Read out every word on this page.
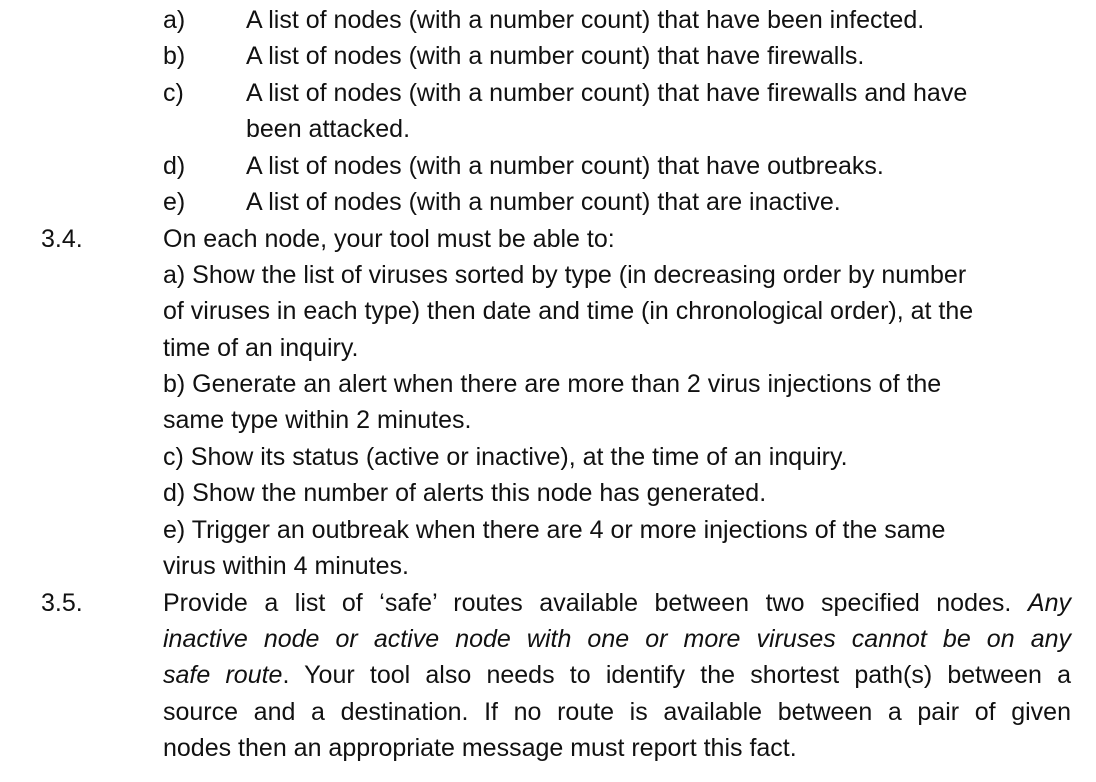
a) A list of nodes (with a number count) that have been infected.
b) A list of nodes (with a number count) that have firewalls.
c) A list of nodes (with a number count) that have firewalls and have
been attacked.
d) A list of nodes (with a number count) that have outbreaks.
e) A list of nodes (with a number count) that are inactive.
3.4.	On each node, your tool must be able to:
a) Show the list of viruses sorted by type (in decreasing order by number
of viruses in each type) then date and time (in chronological order), at the
time of an inquiry.
b) Generate an alert when there are more than 2 virus injections of the
same type within 2 minutes.
c) Show its status (active or inactive), at the time of an inquiry.
d) Show the number of alerts this node has generated.
e) Trigger an outbreak when there are 4 or more injections of the same
virus within 4 minutes.
3.5.	Provide a list of ‘safe’ routes available between two specified nodes. Any
inactive node or active node with one or more viruses cannot be on any
safe route. Your tool also needs to identify the shortest path(s) between a
source and a destination. If no route is available between a pair of given
nodes then an appropriate message must report this fact.
